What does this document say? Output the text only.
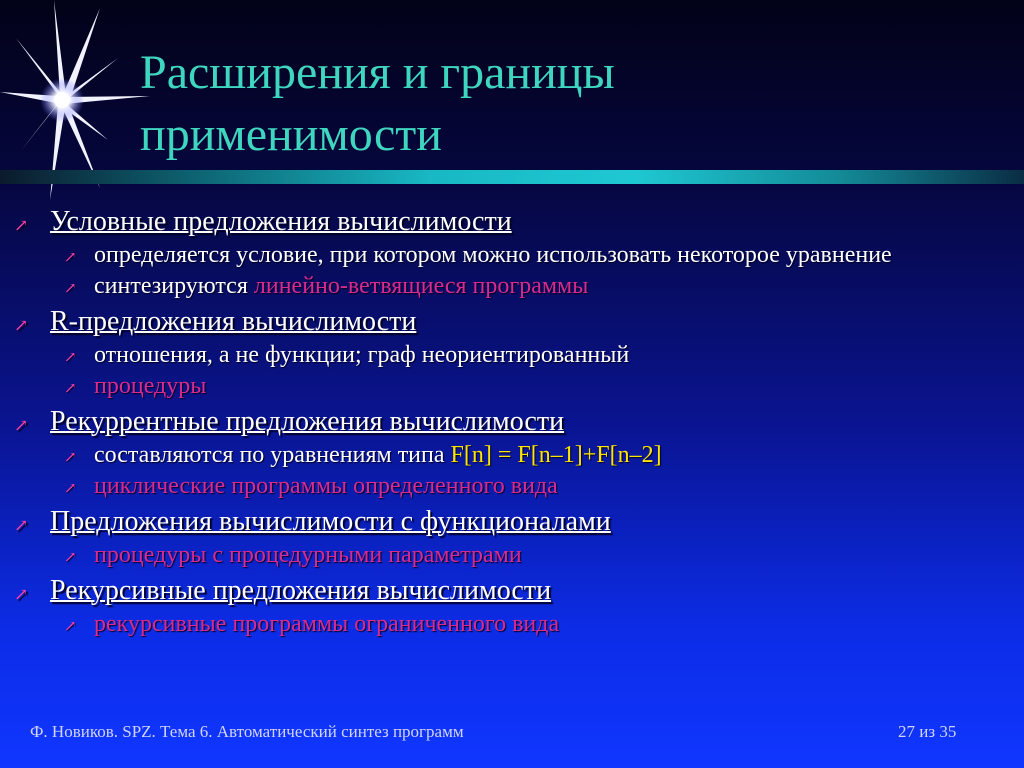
Расширения и границы
применимости
↗ Условные предложения вычислимости
↗ определяется условие, при котором можно использовать некоторое уравнение
↗ синтезируются линейно-ветвящиеся программы
↗ R-предложения вычислимости
↗ отношения, а не функции; граф неориентированный
↗ процедуры
↗ Рекуррентные предложения вычислимости
↗ составляются по уравнениям типа F[n] = F[n–1]+F[n–2]
↗ циклические программы определенного вида
↗ Предложения вычислимости с функционалами
↗ процедуры с процедурными параметрами
↗ Рекурсивные предложения вычислимости
↗ рекурсивные программы ограниченного вида
Ф. Новиков. SPZ. Тема 6. Автоматический синтез программ	27 из 35
